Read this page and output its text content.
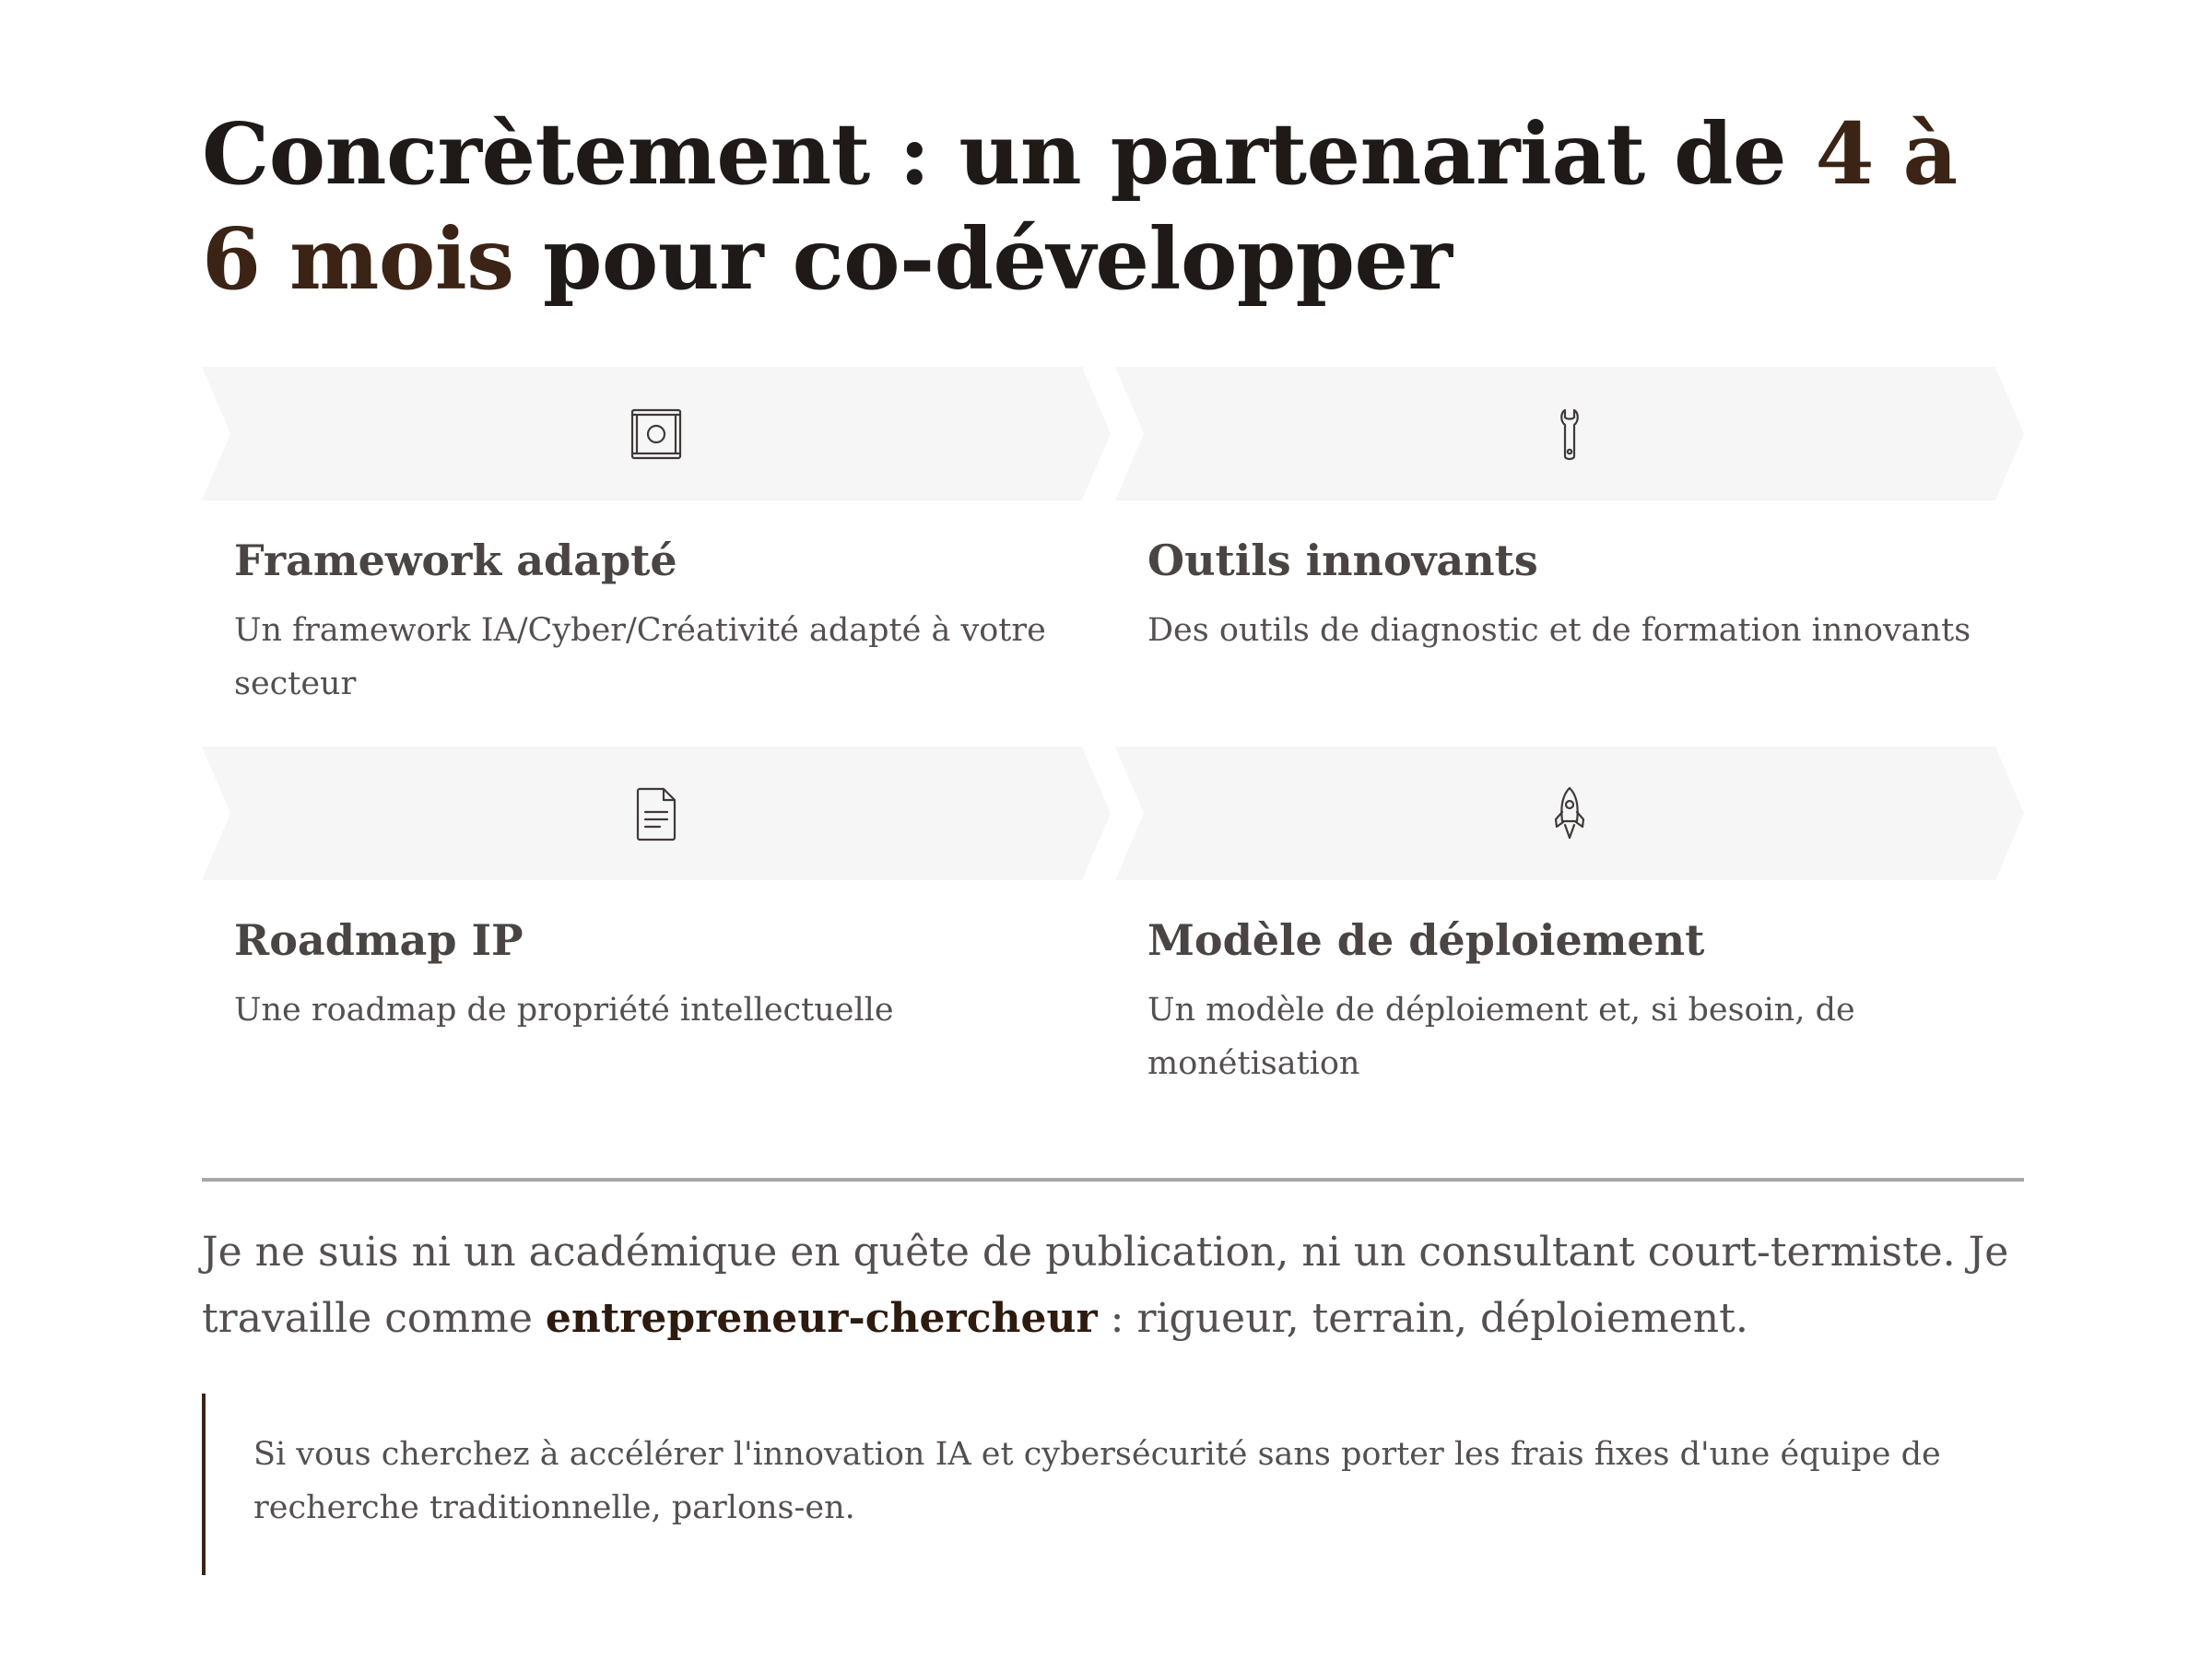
Concrètement : un partenariat de 4 à 6 mois pour co-développer
Framework adapté
Un framework IA/Cyber/Créativité adapté à votre secteur
Outils innovants
Des outils de diagnostic et de formation innovants
Roadmap IP
Une roadmap de propriété intellectuelle
Modèle de déploiement
Un modèle de déploiement et, si besoin, de monétisation

Je ne suis ni un académique en quête de publication, ni un consultant court-termiste. Je travaille comme entrepreneur-chercheur : rigueur, terrain, déploiement.

Si vous cherchez à accélérer l'innovation IA et cybersécurité sans porter les frais fixes d'une équipe de recherche traditionnelle, parlons-en.
